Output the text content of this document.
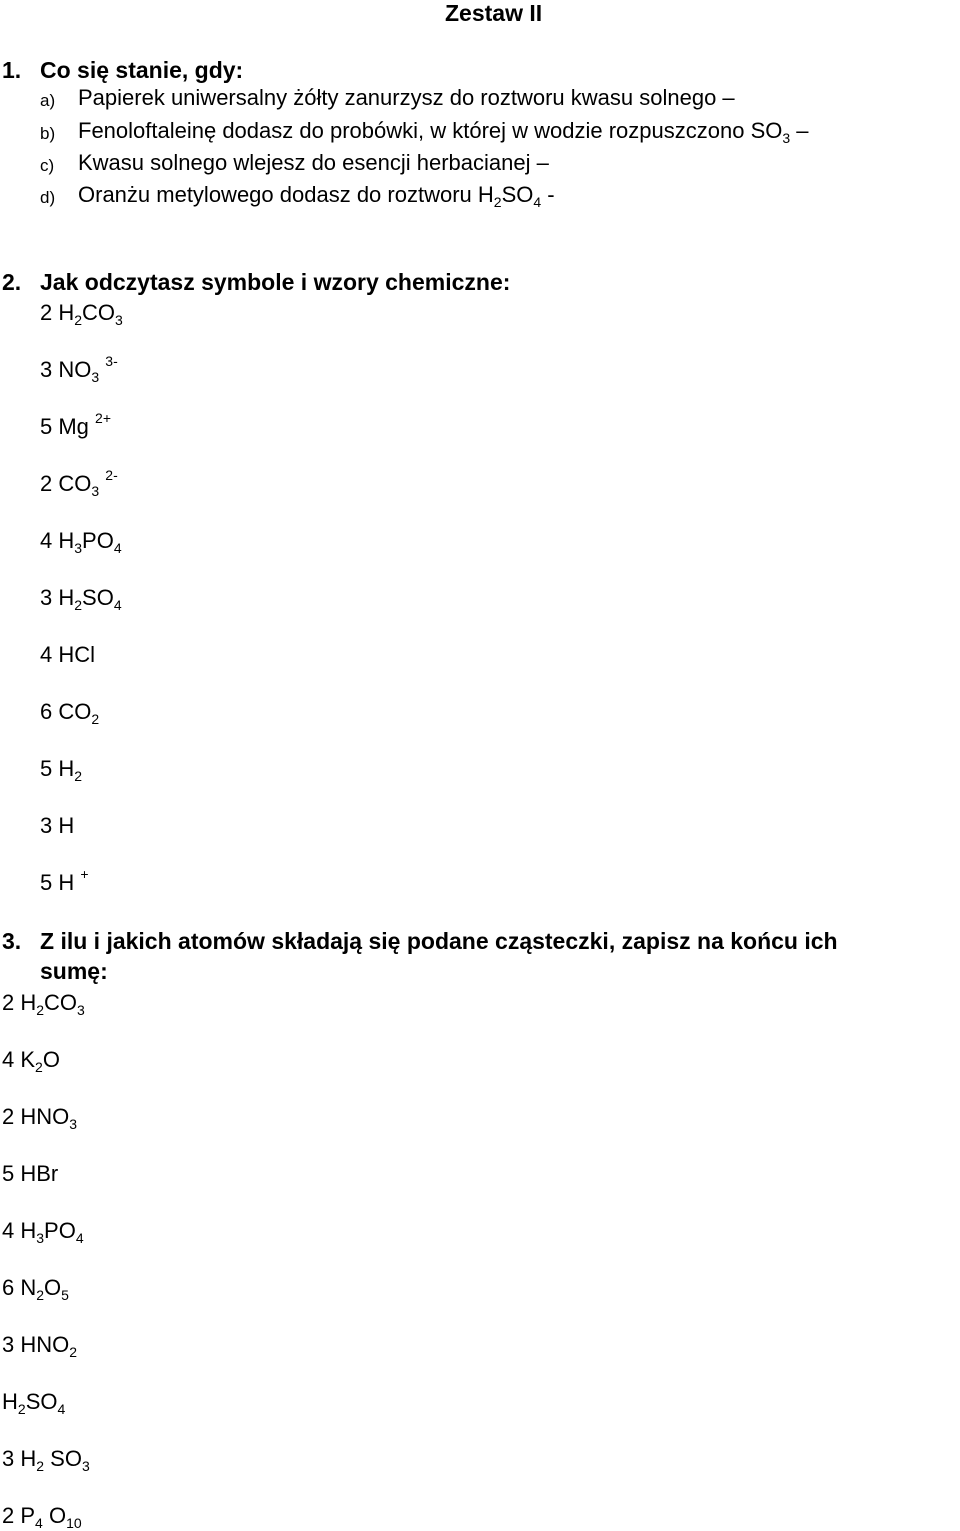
Zestaw II
1. Co się stanie, gdy:
a) Papierek uniwersalny żółty zanurzysz do roztworu kwasu solnego –
b) Fenoloftaleinę dodasz do probówki, w której w wodzie rozpuszczono $SO_3$ –
c) Kwasu solnego wlejesz do esencji herbacianej –
d) Oranżu metylowego dodasz do roztworu $H_2SO_4$ -
2. Jak odczytasz symbole i wzory chemiczne:
2 $H_2CO_3$
3 $NO_3$ $^{3-}$
5 Mg $^{2+}$
2 $CO_3$ $^{2-}$
4 $H_3PO_4$
3 $H_2SO_4$
4 HCl
6 $CO_2$
5 $H_2$
3 H
5 H +
3. Z ilu i jakich atomów składają się podane cząsteczki, zapisz na końcu ich
sumę:
2 $H_2CO_3$
4 $K_2O$
2 $HNO_3$
5 HBr
4 $H_3PO_4$
6 $N_2O_5$
3 $HNO_2$
$H_2SO_4$
3 $H_2$ $SO_3$
2 $P_4$ $O_{10}$
